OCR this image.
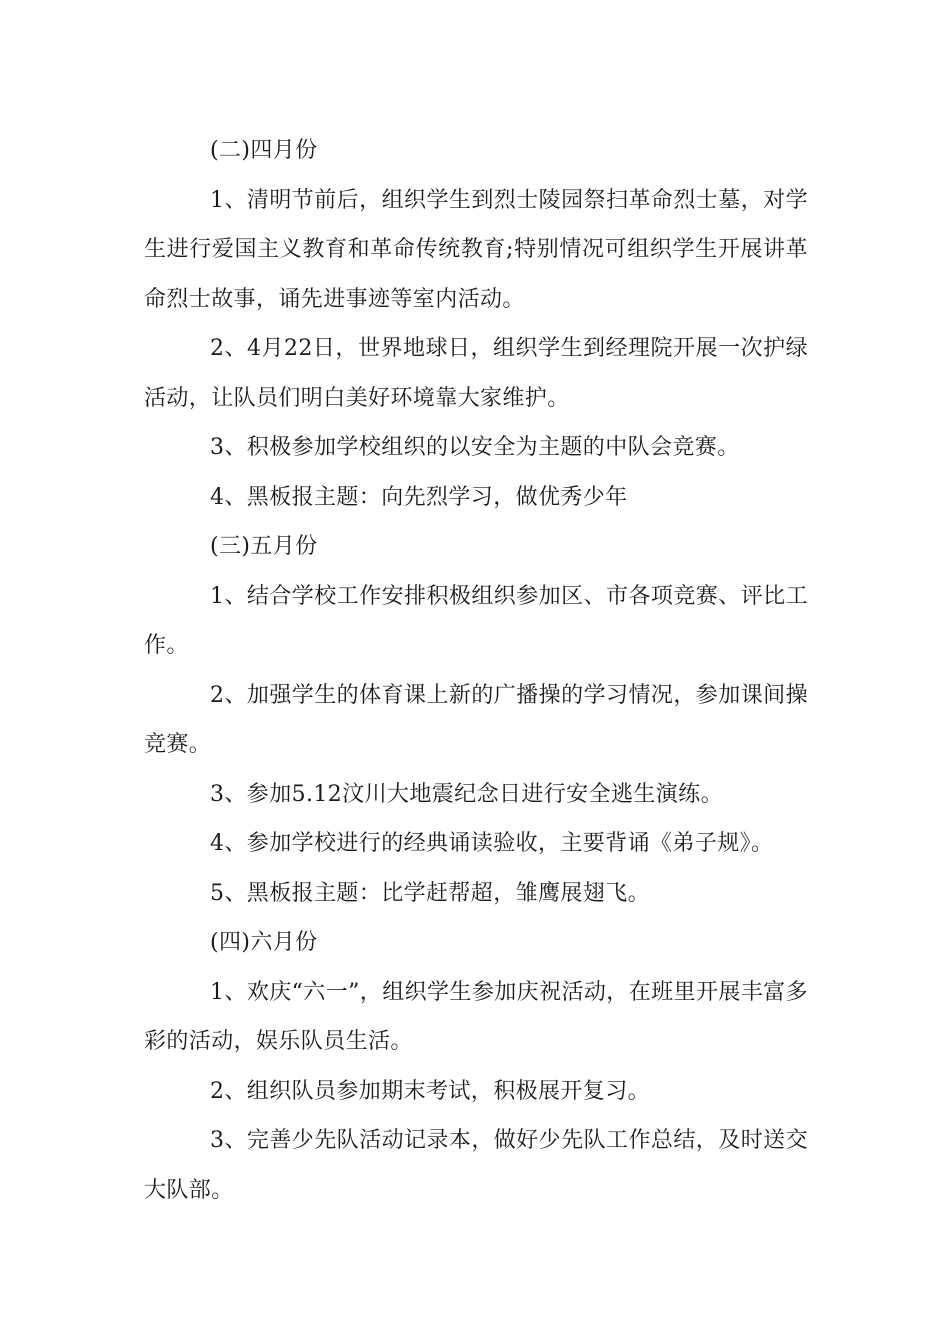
(二)四月份

1、清明节前后，组织学生到烈士陵园祭扫革命烈士墓，对学生进行爱国主义教育和革命传统教育;特别情况可组织学生开展讲革命烈士故事，诵先进事迹等室内活动。

2、4月22日，世界地球日，组织学生到经理院开展一次护绿活动，让队员们明白美好环境靠大家维护。

3、积极参加学校组织的以安全为主题的中队会竞赛。

4、黑板报主题：向先烈学习，做优秀少年

(三)五月份

1、结合学校工作安排积极组织参加区、市各项竞赛、评比工作。

2、加强学生的体育课上新的广播操的学习情况，参加课间操竞赛。

3、参加5.12汶川大地震纪念日进行安全逃生演练。

4、参加学校进行的经典诵读验收，主要背诵《弟子规》。

5、黑板报主题：比学赶帮超，雏鹰展翅飞。

(四)六月份

1、欢庆“六一”，组织学生参加庆祝活动，在班里开展丰富多彩的活动，娱乐队员生活。

2、组织队员参加期末考试，积极展开复习。

3、完善少先队活动记录本，做好少先队工作总结，及时送交大队部。
